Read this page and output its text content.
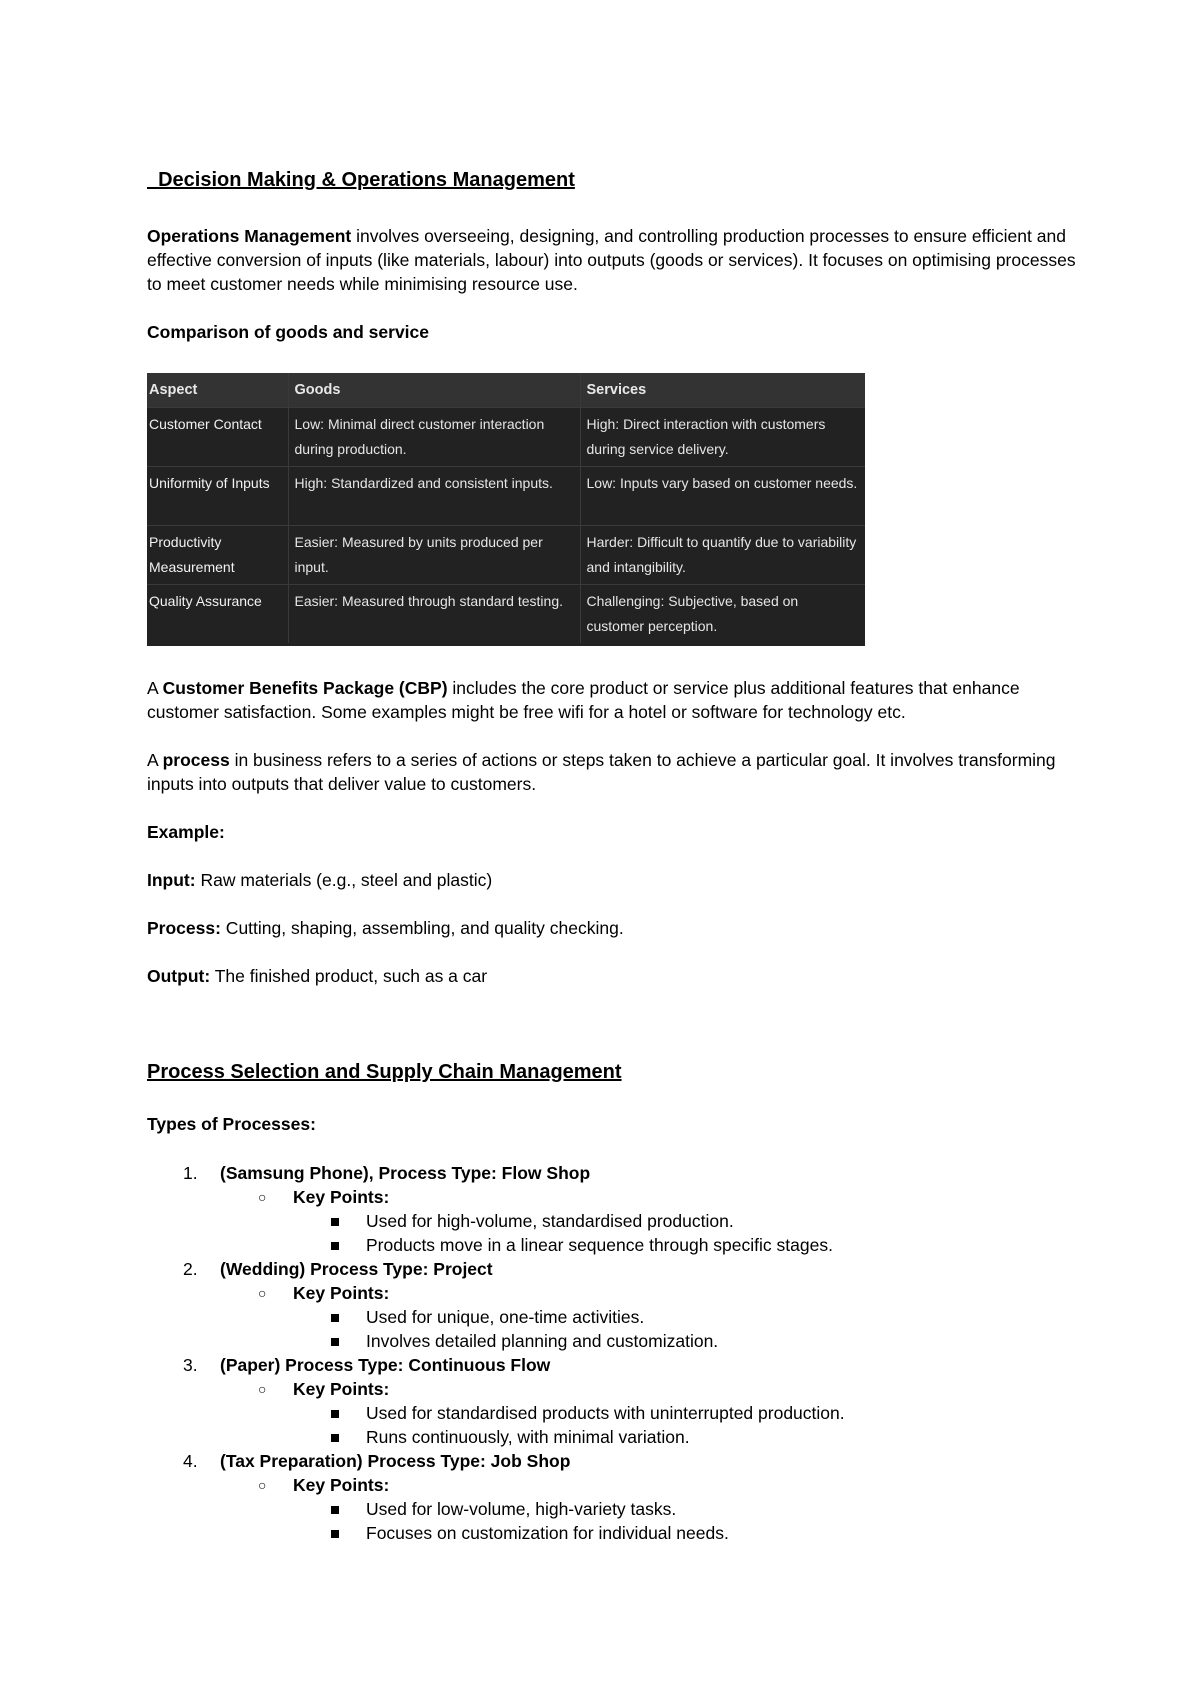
Decision Making & Operations Management

Operations Management involves overseeing, designing, and controlling production processes to ensure efficient and effective conversion of inputs (like materials, labour) into outputs (goods or services). It focuses on optimising processes to meet customer needs while minimising resource use.

Comparison of goods and service

Aspect	Goods	Services
Customer Contact	Low: Minimal direct customer interaction during production.	High: Direct interaction with customers during service delivery.
Uniformity of Inputs	High: Standardized and consistent inputs.	Low: Inputs vary based on customer needs.
Productivity Measurement	Easier: Measured by units produced per input.	Harder: Difficult to quantify due to variability and intangibility.
Quality Assurance	Easier: Measured through standard testing.	Challenging: Subjective, based on customer perception.

A Customer Benefits Package (CBP) includes the core product or service plus additional features that enhance customer satisfaction. Some examples might be free wifi for a hotel or software for technology etc.

A process in business refers to a series of actions or steps taken to achieve a particular goal. It involves transforming inputs into outputs that deliver value to customers.

Example:

Input: Raw materials (e.g., steel and plastic)

Process: Cutting, shaping, assembling, and quality checking.

Output: The finished product, such as a car

Process Selection and Supply Chain Management

Types of Processes:

1. (Samsung Phone), Process Type: Flow Shop
○ Key Points:
Used for high-volume, standardised production.
Products move in a linear sequence through specific stages.
2. (Wedding) Process Type: Project
○ Key Points:
Used for unique, one-time activities.
Involves detailed planning and customization.
3. (Paper) Process Type: Continuous Flow
○ Key Points:
Used for standardised products with uninterrupted production.
Runs continuously, with minimal variation.
4. (Tax Preparation) Process Type: Job Shop
○ Key Points:
Used for low-volume, high-variety tasks.
Focuses on customization for individual needs.
